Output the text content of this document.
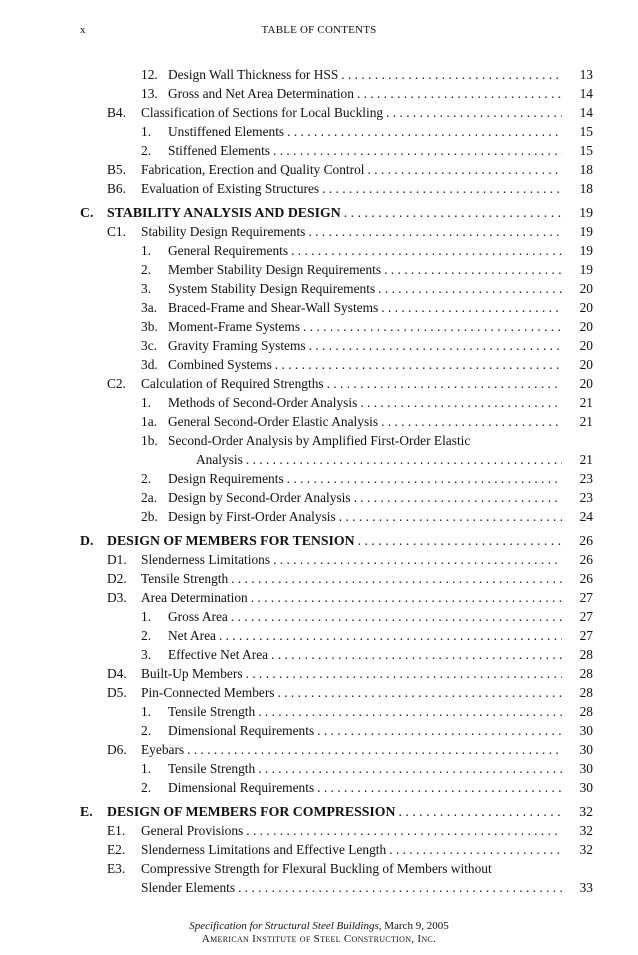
x	TABLE OF CONTENTS
12. Design Wall Thickness for HSS . . .	13
13. Gross and Net Area Determination . . .	14
B4. Classification of Sections for Local Buckling . . .	14
1. Unstiffened Elements . . .	15
2. Stiffened Elements . . .	15
B5. Fabrication, Erection and Quality Control . . .	18
B6. Evaluation of Existing Structures . . .	18
C. STABILITY ANALYSIS AND DESIGN . . .	19
C1. Stability Design Requirements . . .	19
1. General Requirements . . .	19
2. Member Stability Design Requirements . . .	19
3. System Stability Design Requirements . . .	20
3a. Braced-Frame and Shear-Wall Systems . . .	20
3b. Moment-Frame Systems . . .	20
3c. Gravity Framing Systems . . .	20
3d. Combined Systems . . .	20
C2. Calculation of Required Strengths . . .	20
1. Methods of Second-Order Analysis . . .	21
1a. General Second-Order Elastic Analysis . . .	21
1b. Second-Order Analysis by Amplified First-Order Elastic
Analysis . . .	21
2. Design Requirements . . .	23
2a. Design by Second-Order Analysis . . .	23
2b. Design by First-Order Analysis . . .	24
D. DESIGN OF MEMBERS FOR TENSION . . .	26
D1. Slenderness Limitations . . .	26
D2. Tensile Strength . . .	26
D3. Area Determination . . .	27
1. Gross Area . . .	27
2. Net Area . . .	27
3. Effective Net Area . . .	28
D4. Built-Up Members . . .	28
D5. Pin-Connected Members . . .	28
1. Tensile Strength . . .	28
2. Dimensional Requirements . . .	30
D6. Eyebars . . .	30
1. Tensile Strength . . .	30
2. Dimensional Requirements . . .	30
E. DESIGN OF MEMBERS FOR COMPRESSION . . .	32
E1. General Provisions . . .	32
E2. Slenderness Limitations and Effective Length . . .	32
E3. Compressive Strength for Flexural Buckling of Members without
Slender Elements . . .	33
Specification for Structural Steel Buildings, March 9, 2005
American Institute of Steel Construction, Inc.
